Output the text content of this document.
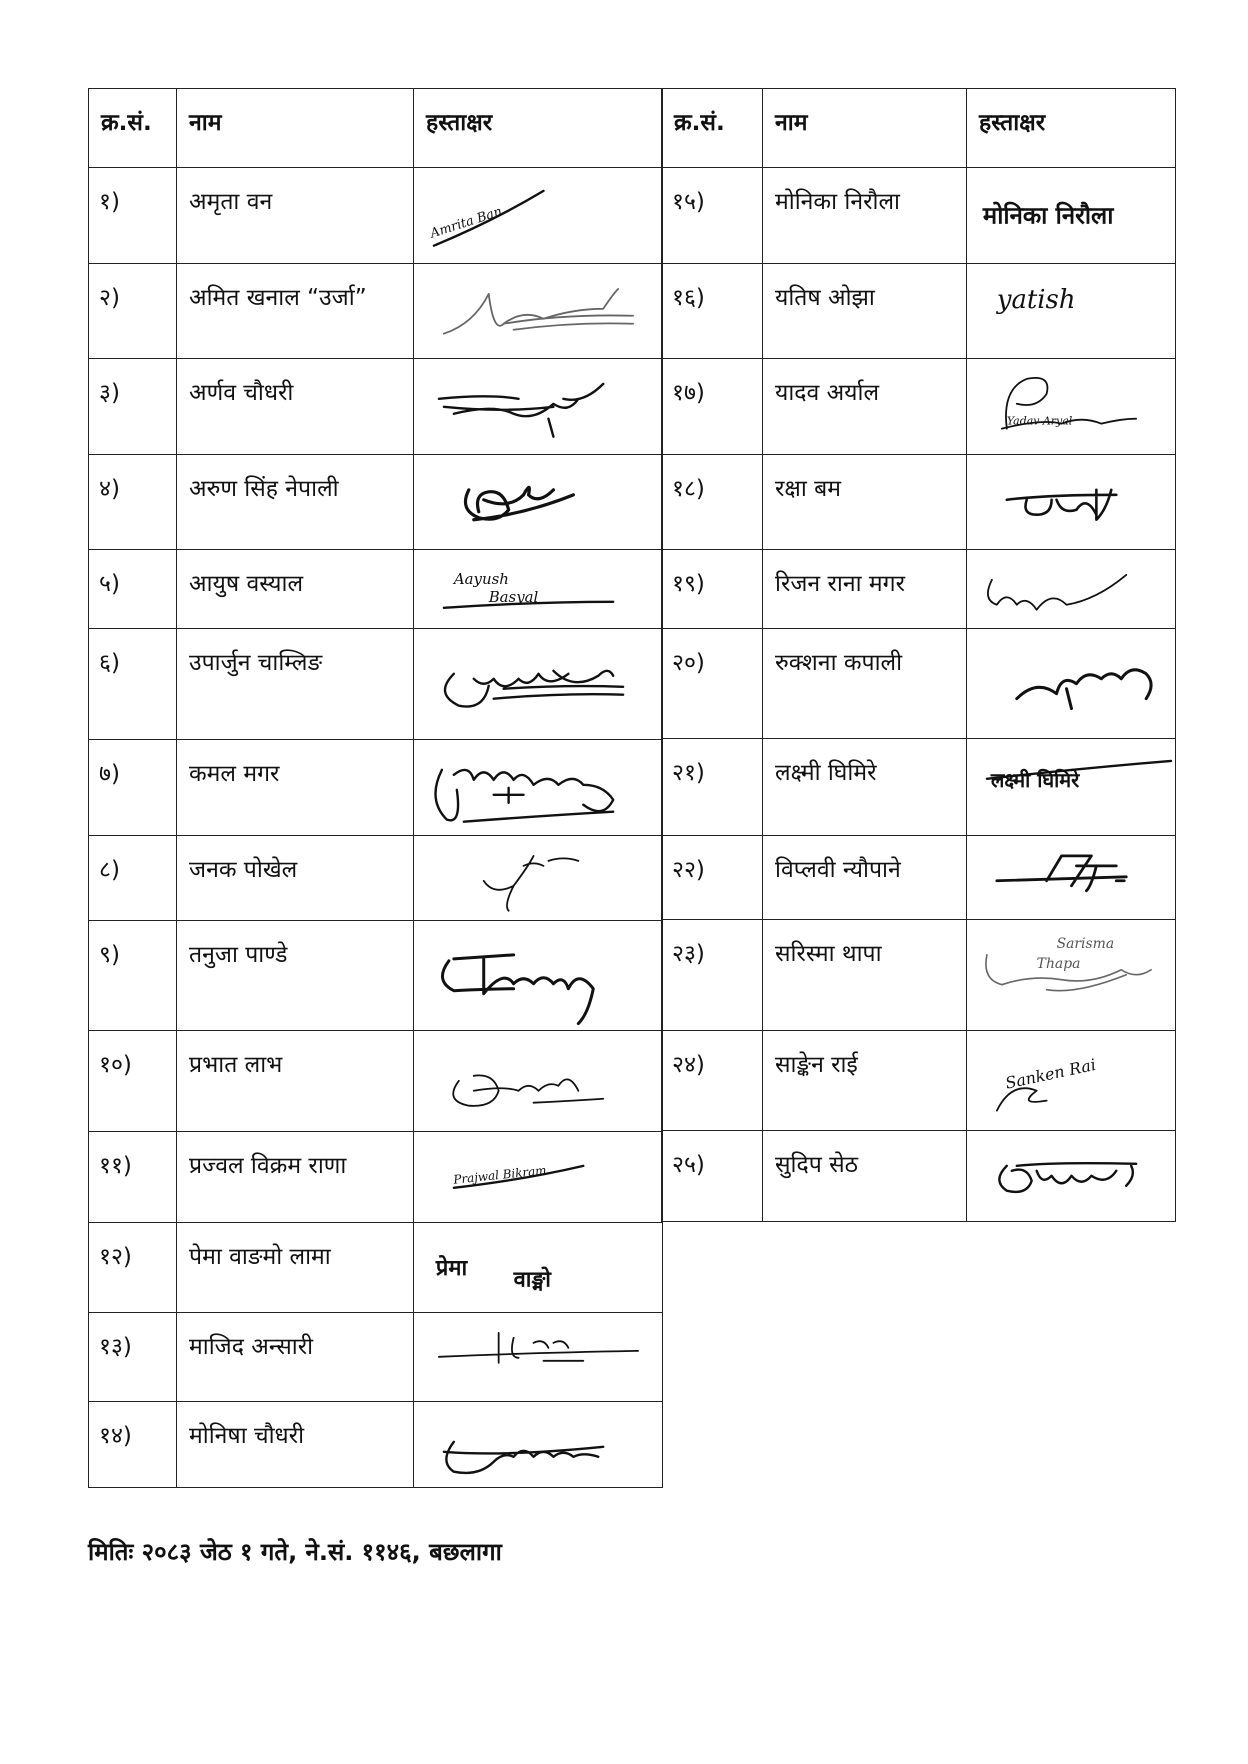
क्र.सं.	नाम	हस्ताक्षर

१)	अमृता वन	Amrita Ban

२)	अमित खनाल “उर्जा”

३)	अर्णव चौधरी

४)	अरुण सिंह नेपाली

५)	आयुष वस्याल	Aayush
Basyal

६)	उपार्जुन चाम्लिङ

७)	कमल मगर

८)	जनक पोखेल

९)	तनुजा पाण्डे

१०)	प्रभात लाभ

११)	प्रज्वल विक्रम राणा	Prajwal Bikram

१२)	पेमा वाङमो लामा	प्रेमा वाङ्मो

१३)	माजिद अन्सारी

१४)	मोनिषा चौधरी

क्र.सं.	नाम	हस्ताक्षर

१५)	मोनिका निरौला	मोनिका निरौला

१६)	यतिष ओझा	yatish

१७)	यादव अर्याल	Yadav Aryal

१८)	रक्षा बम

१९)	रिजन राना मगर

२०)	रुक्शना कपाली

२१)	लक्ष्मी घिमिरे	लक्ष्मी घिमिरे

२२)	विप्लवी न्यौपाने

२३)	सरिस्मा थापा	Sarisma
Thapa

२४)	साङ्केन राई	Sanken Rai

२५)	सुदिप सेठ

मितिः २०८३ जेठ १ गते, ने.सं. ११४६, बछलागा
